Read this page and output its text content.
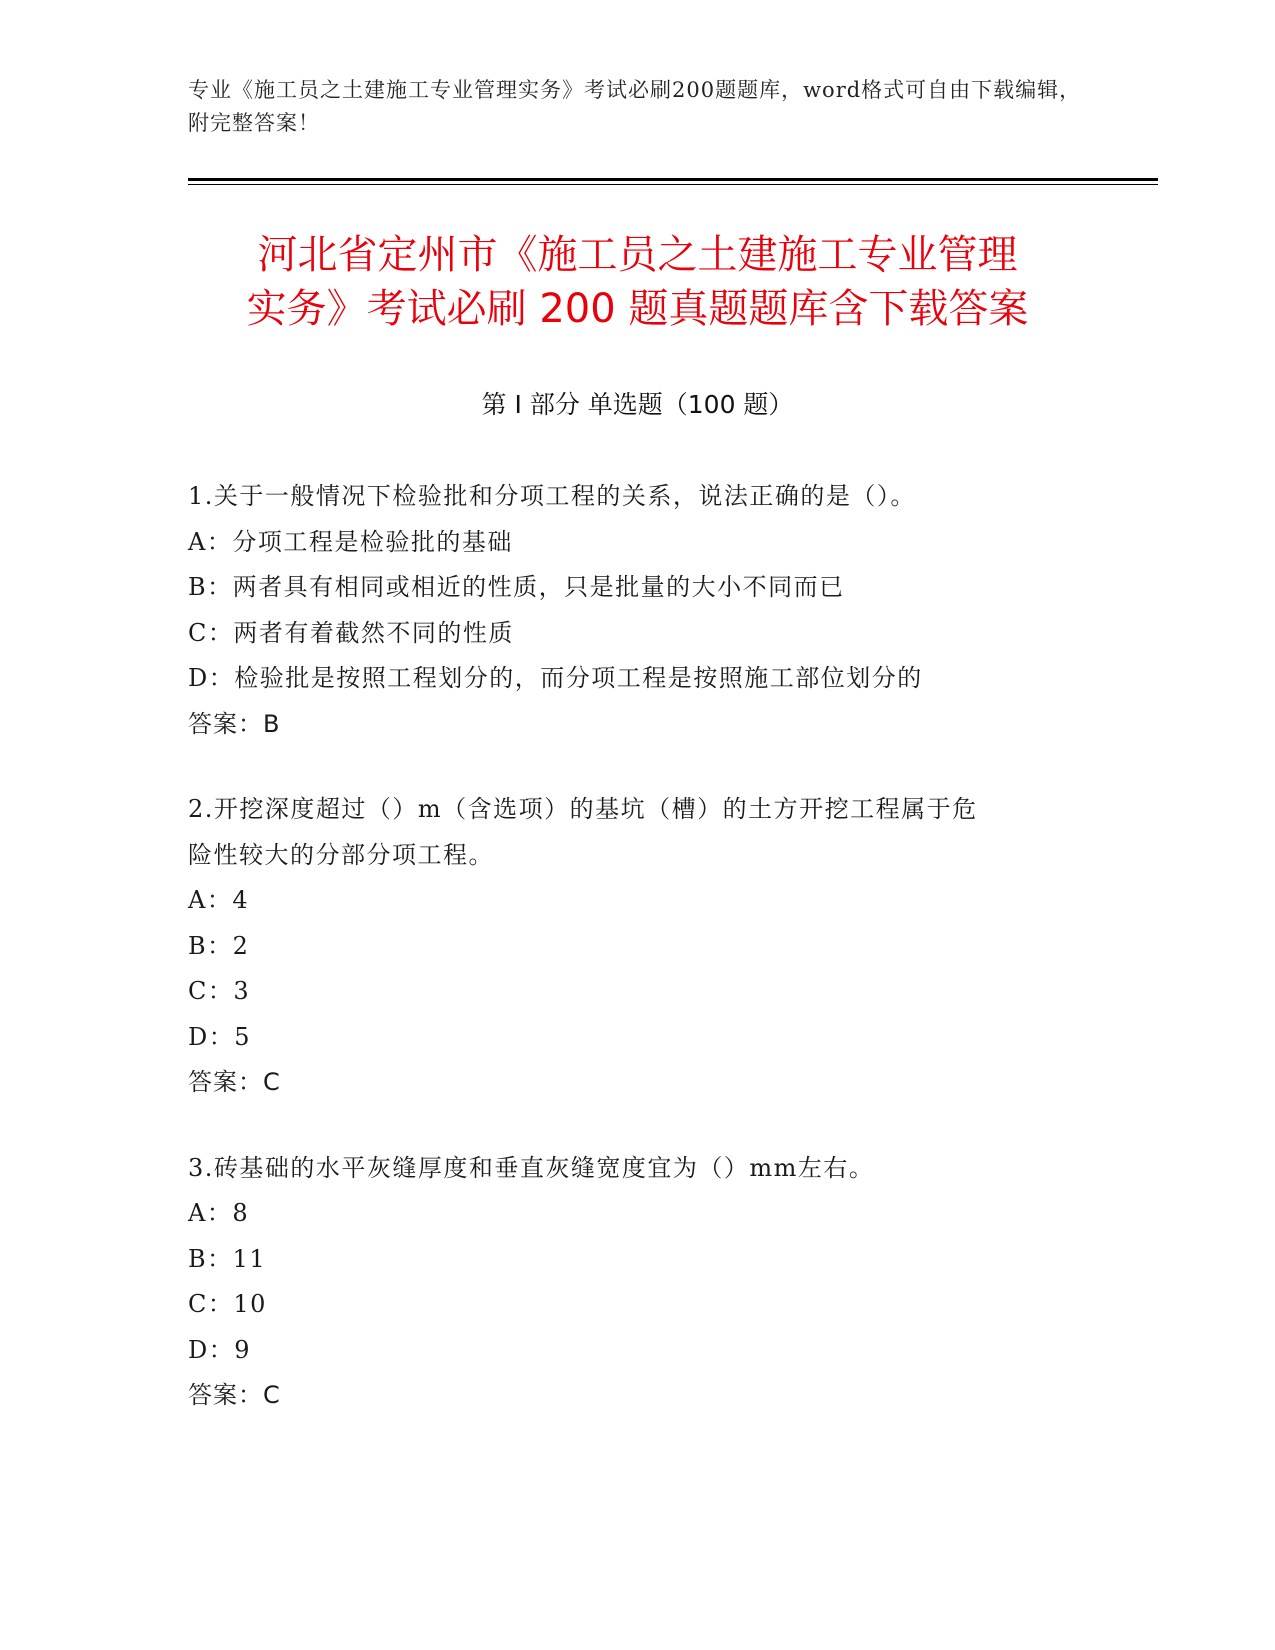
专业《施工员之土建施工专业管理实务》考试必刷200题题库，word格式可自由下载编辑，附完整答案！
河北省定州市《施工员之土建施工专业管理
实务》考试必刷 200 题真题题库含下载答案
第 I 部分 单选题（100 题）
1.关于一般情况下检验批和分项工程的关系，说法正确的是（）。
A：分项工程是检验批的基础
B：两者具有相同或相近的性质，只是批量的大小不同而已
C：两者有着截然不同的性质
D：检验批是按照工程划分的，而分项工程是按照施工部位划分的
答案：B
2.开挖深度超过（）m（含选项）的基坑（槽）的土方开挖工程属于危
险性较大的分部分项工程。
A：4
B：2
C：3
D：5
答案：C
3.砖基础的水平灰缝厚度和垂直灰缝宽度宜为（）mm左右。
A：8
B：11
C：10
D：9
答案：C
